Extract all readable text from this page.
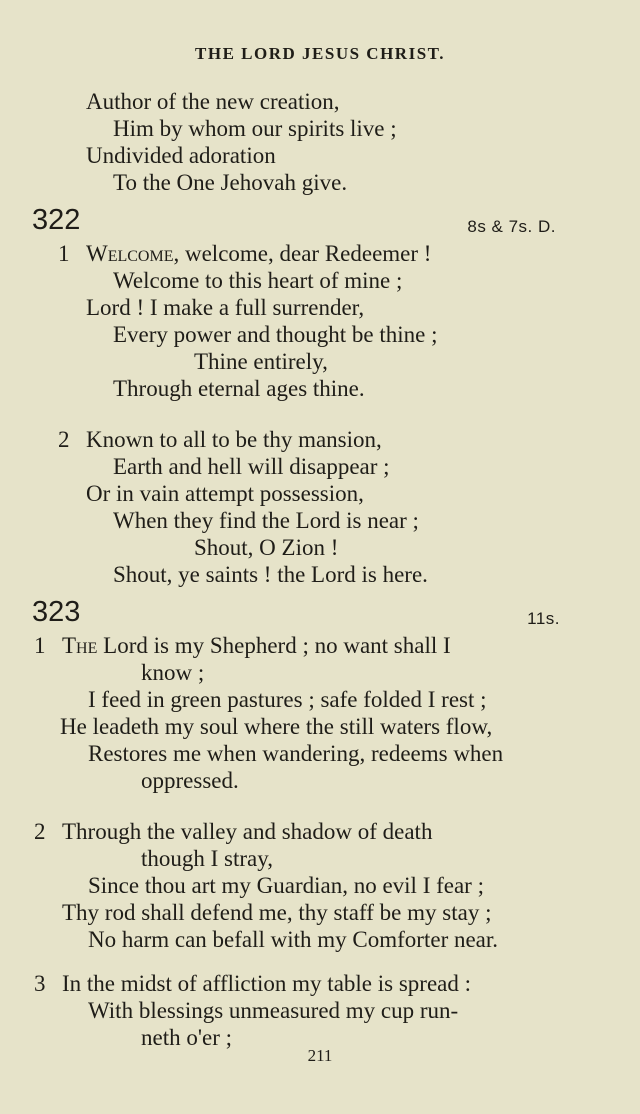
THE LORD JESUS CHRIST.
Author of the new creation,
Him by whom our spirits live ;
Undivided adoration
To the One Jehovah give.
322	8s & 7s. D.
1 Welcome, welcome, dear Redeemer !
Welcome to this heart of mine ;
Lord ! I make a full surrender,
Every power and thought be thine ;
Thine entirely,
Through eternal ages thine.
2 Known to all to be thy mansion,
Earth and hell will disappear ;
Or in vain attempt possession,
When they find the Lord is near ;
Shout, O Zion !
Shout, ye saints ! the Lord is here.
323	11s.
1 The Lord is my Shepherd ; no want shall I
know ;
I feed in green pastures ; safe folded I rest ;
He leadeth my soul where the still waters flow,
Restores me when wandering, redeems when
oppressed.
2 Through the valley and shadow of death
though I stray,
Since thou art my Guardian, no evil I fear ;
Thy rod shall defend me, thy staff be my stay ;
No harm can befall with my Comforter near.
3 In the midst of affliction my table is spread :
With blessings unmeasured my cup run-
neth o'er ;
211
